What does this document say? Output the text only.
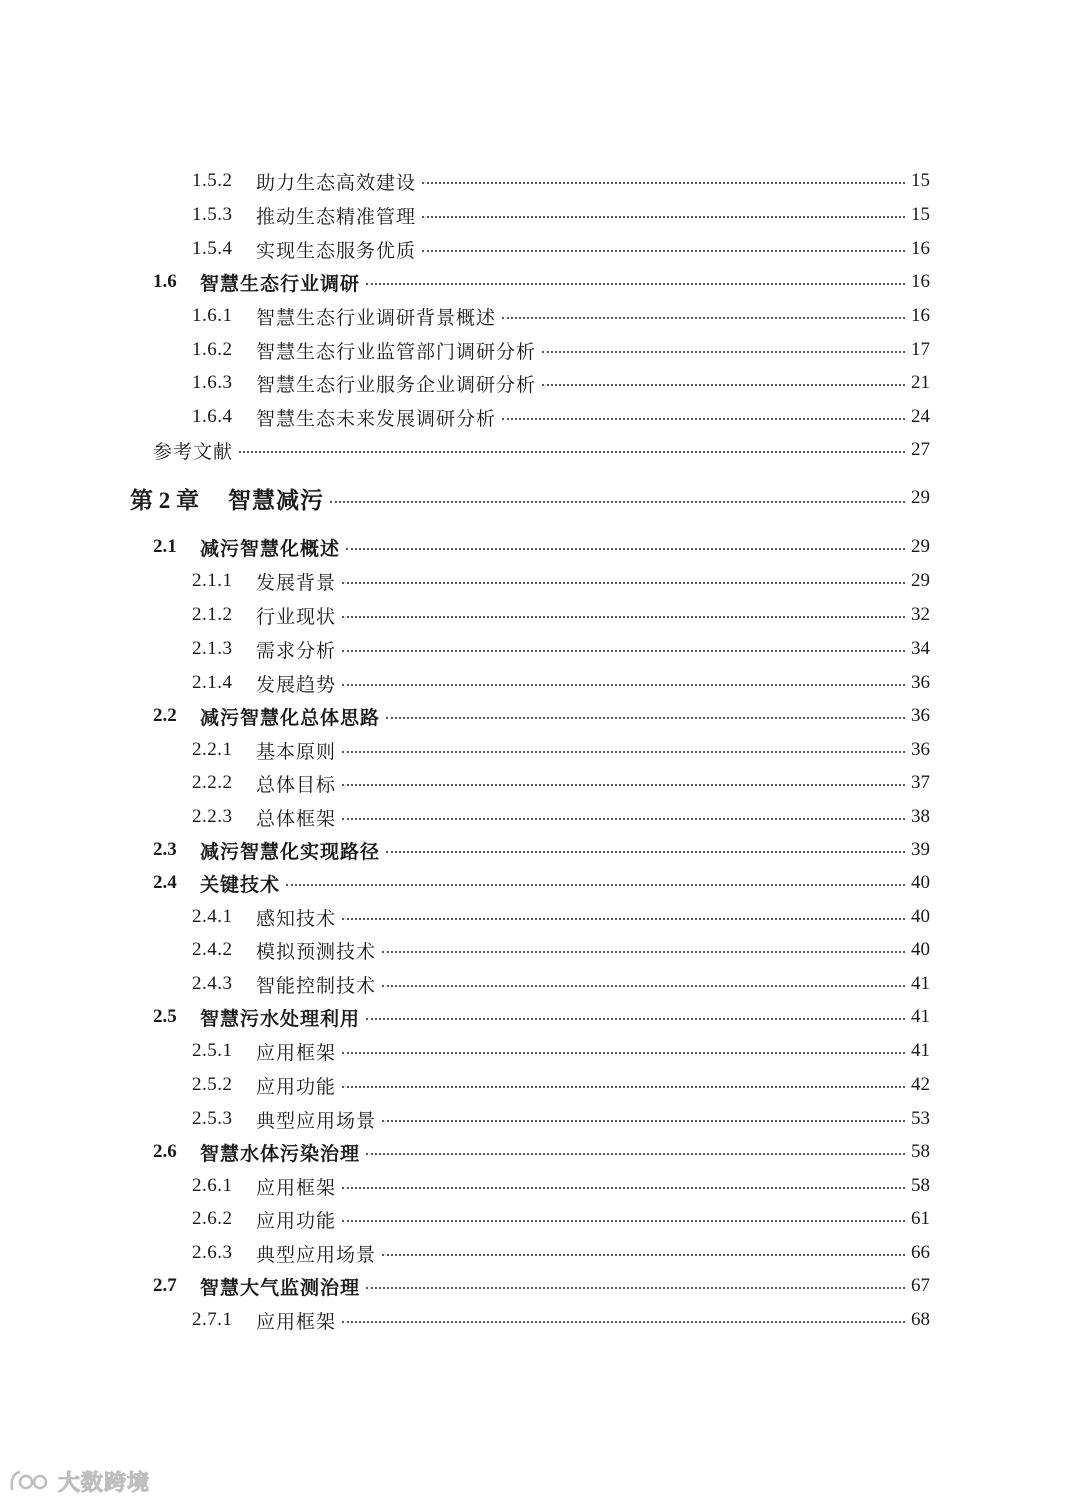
1.5.2	助力生态高效建设	15
1.5.3	推动生态精准管理	15
1.5.4	实现生态服务优质	16
1.6	智慧生态行业调研	16
1.6.1	智慧生态行业调研背景概述	16
1.6.2	智慧生态行业监管部门调研分析	17
1.6.3	智慧生态行业服务企业调研分析	21
1.6.4	智慧生态未来发展调研分析	24
参考文献	27
第 2 章	智慧减污	29
2.1	减污智慧化概述	29
2.1.1	发展背景	29
2.1.2	行业现状	32
2.1.3	需求分析	34
2.1.4	发展趋势	36
2.2	减污智慧化总体思路	36
2.2.1	基本原则	36
2.2.2	总体目标	37
2.2.3	总体框架	38
2.3	减污智慧化实现路径	39
2.4	关键技术	40
2.4.1	感知技术	40
2.4.2	模拟预测技术	40
2.4.3	智能控制技术	41
2.5	智慧污水处理利用	41
2.5.1	应用框架	41
2.5.2	应用功能	42
2.5.3	典型应用场景	53
2.6	智慧水体污染治理	58
2.6.1	应用框架	58
2.6.2	应用功能	61
2.6.3	典型应用场景	66
2.7	智慧大气监测治理	67
2.7.1	应用框架	68
大数跨境
